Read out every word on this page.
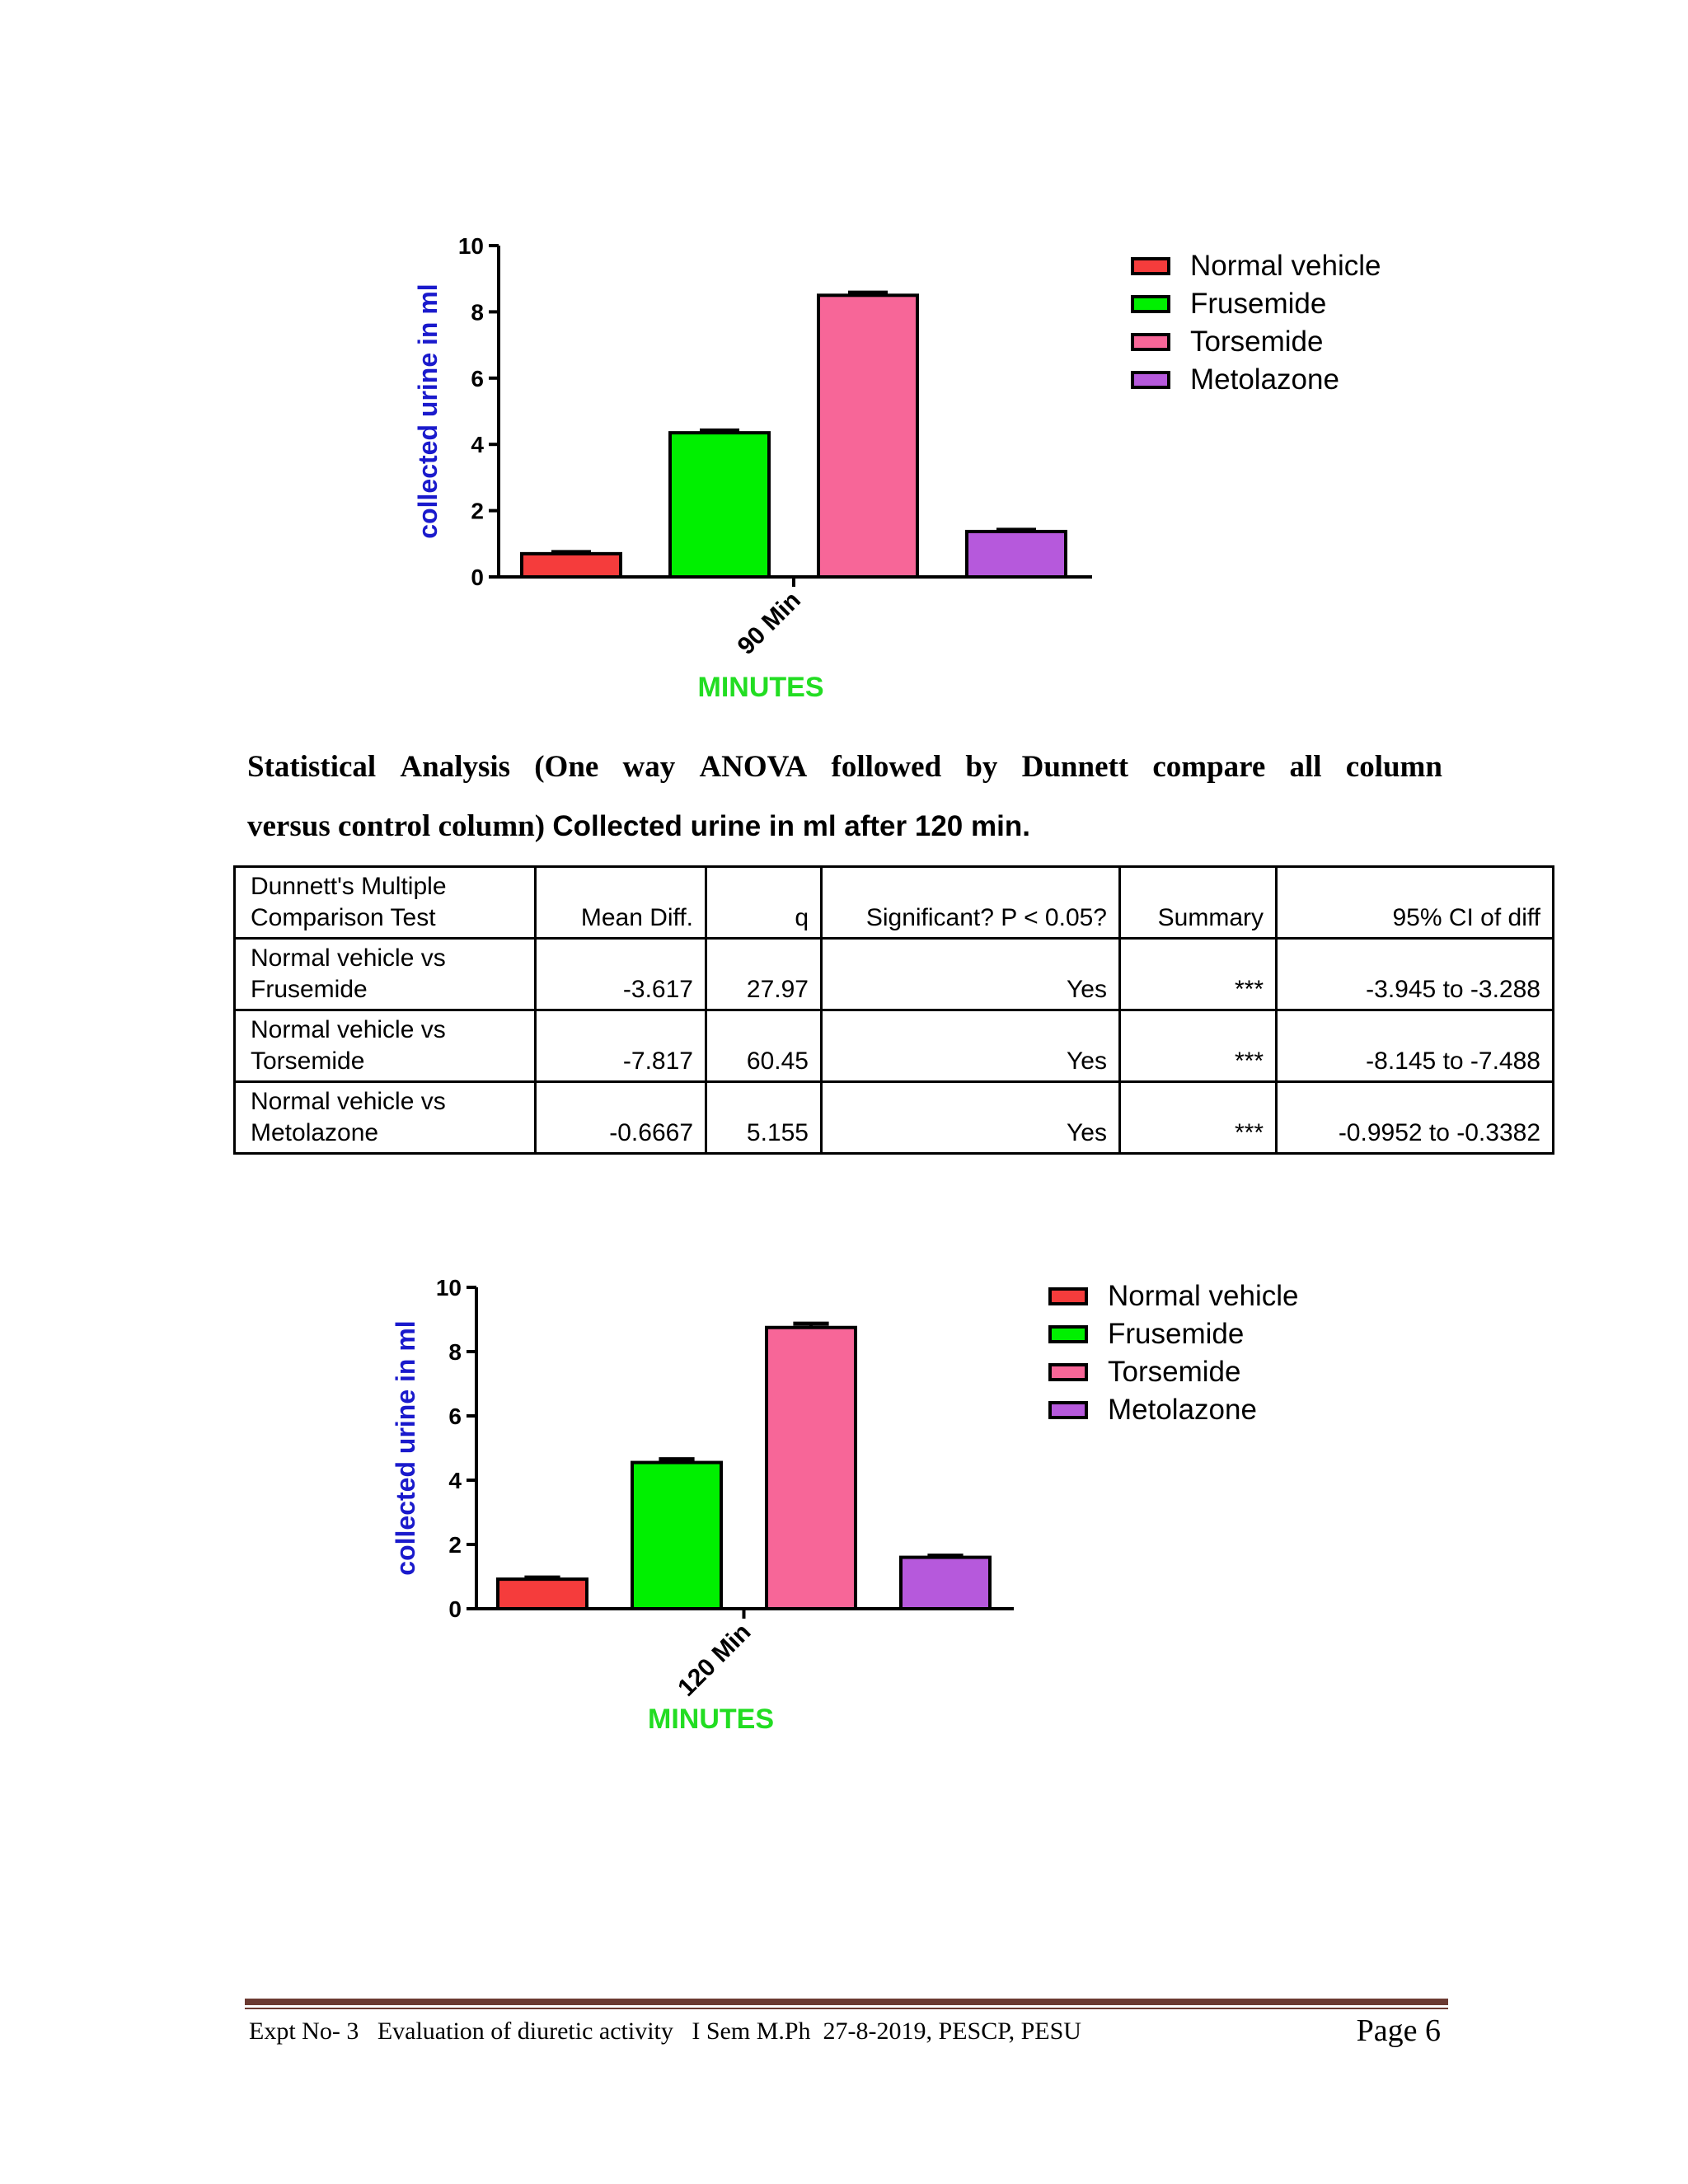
0
2
4
6
8
10
collected urine in ml
90 Min
MINUTES
Normal vehicle
Frusemide
Torsemide
Metolazone
Statistical Analysis (One way ANOVA followed by Dunnett compare all column
versus control column) Collected urine in ml after 120 min.
Dunnett's Multiple
Comparison Test	Mean Diff.	q	Significant? P < 0.05?	Summary	95% CI of diff

Normal vehicle vs
Frusemide	-3.617	27.97	Yes	***	-3.945 to -3.288

Normal vehicle vs
Torsemide	-7.817	60.45	Yes	***	-8.145 to -7.488

Normal vehicle vs
Metolazone	-0.6667	5.155	Yes	***	-0.9952 to -0.3382
0
2
4
6
8
10
collected urine in ml
120 Min
MINUTES
Normal vehicle
Frusemide
Torsemide
Metolazone
Expt No- 3   Evaluation of diuretic activity   I Sem M.Ph  27-8-2019, PESCP, PESU	Page 6
